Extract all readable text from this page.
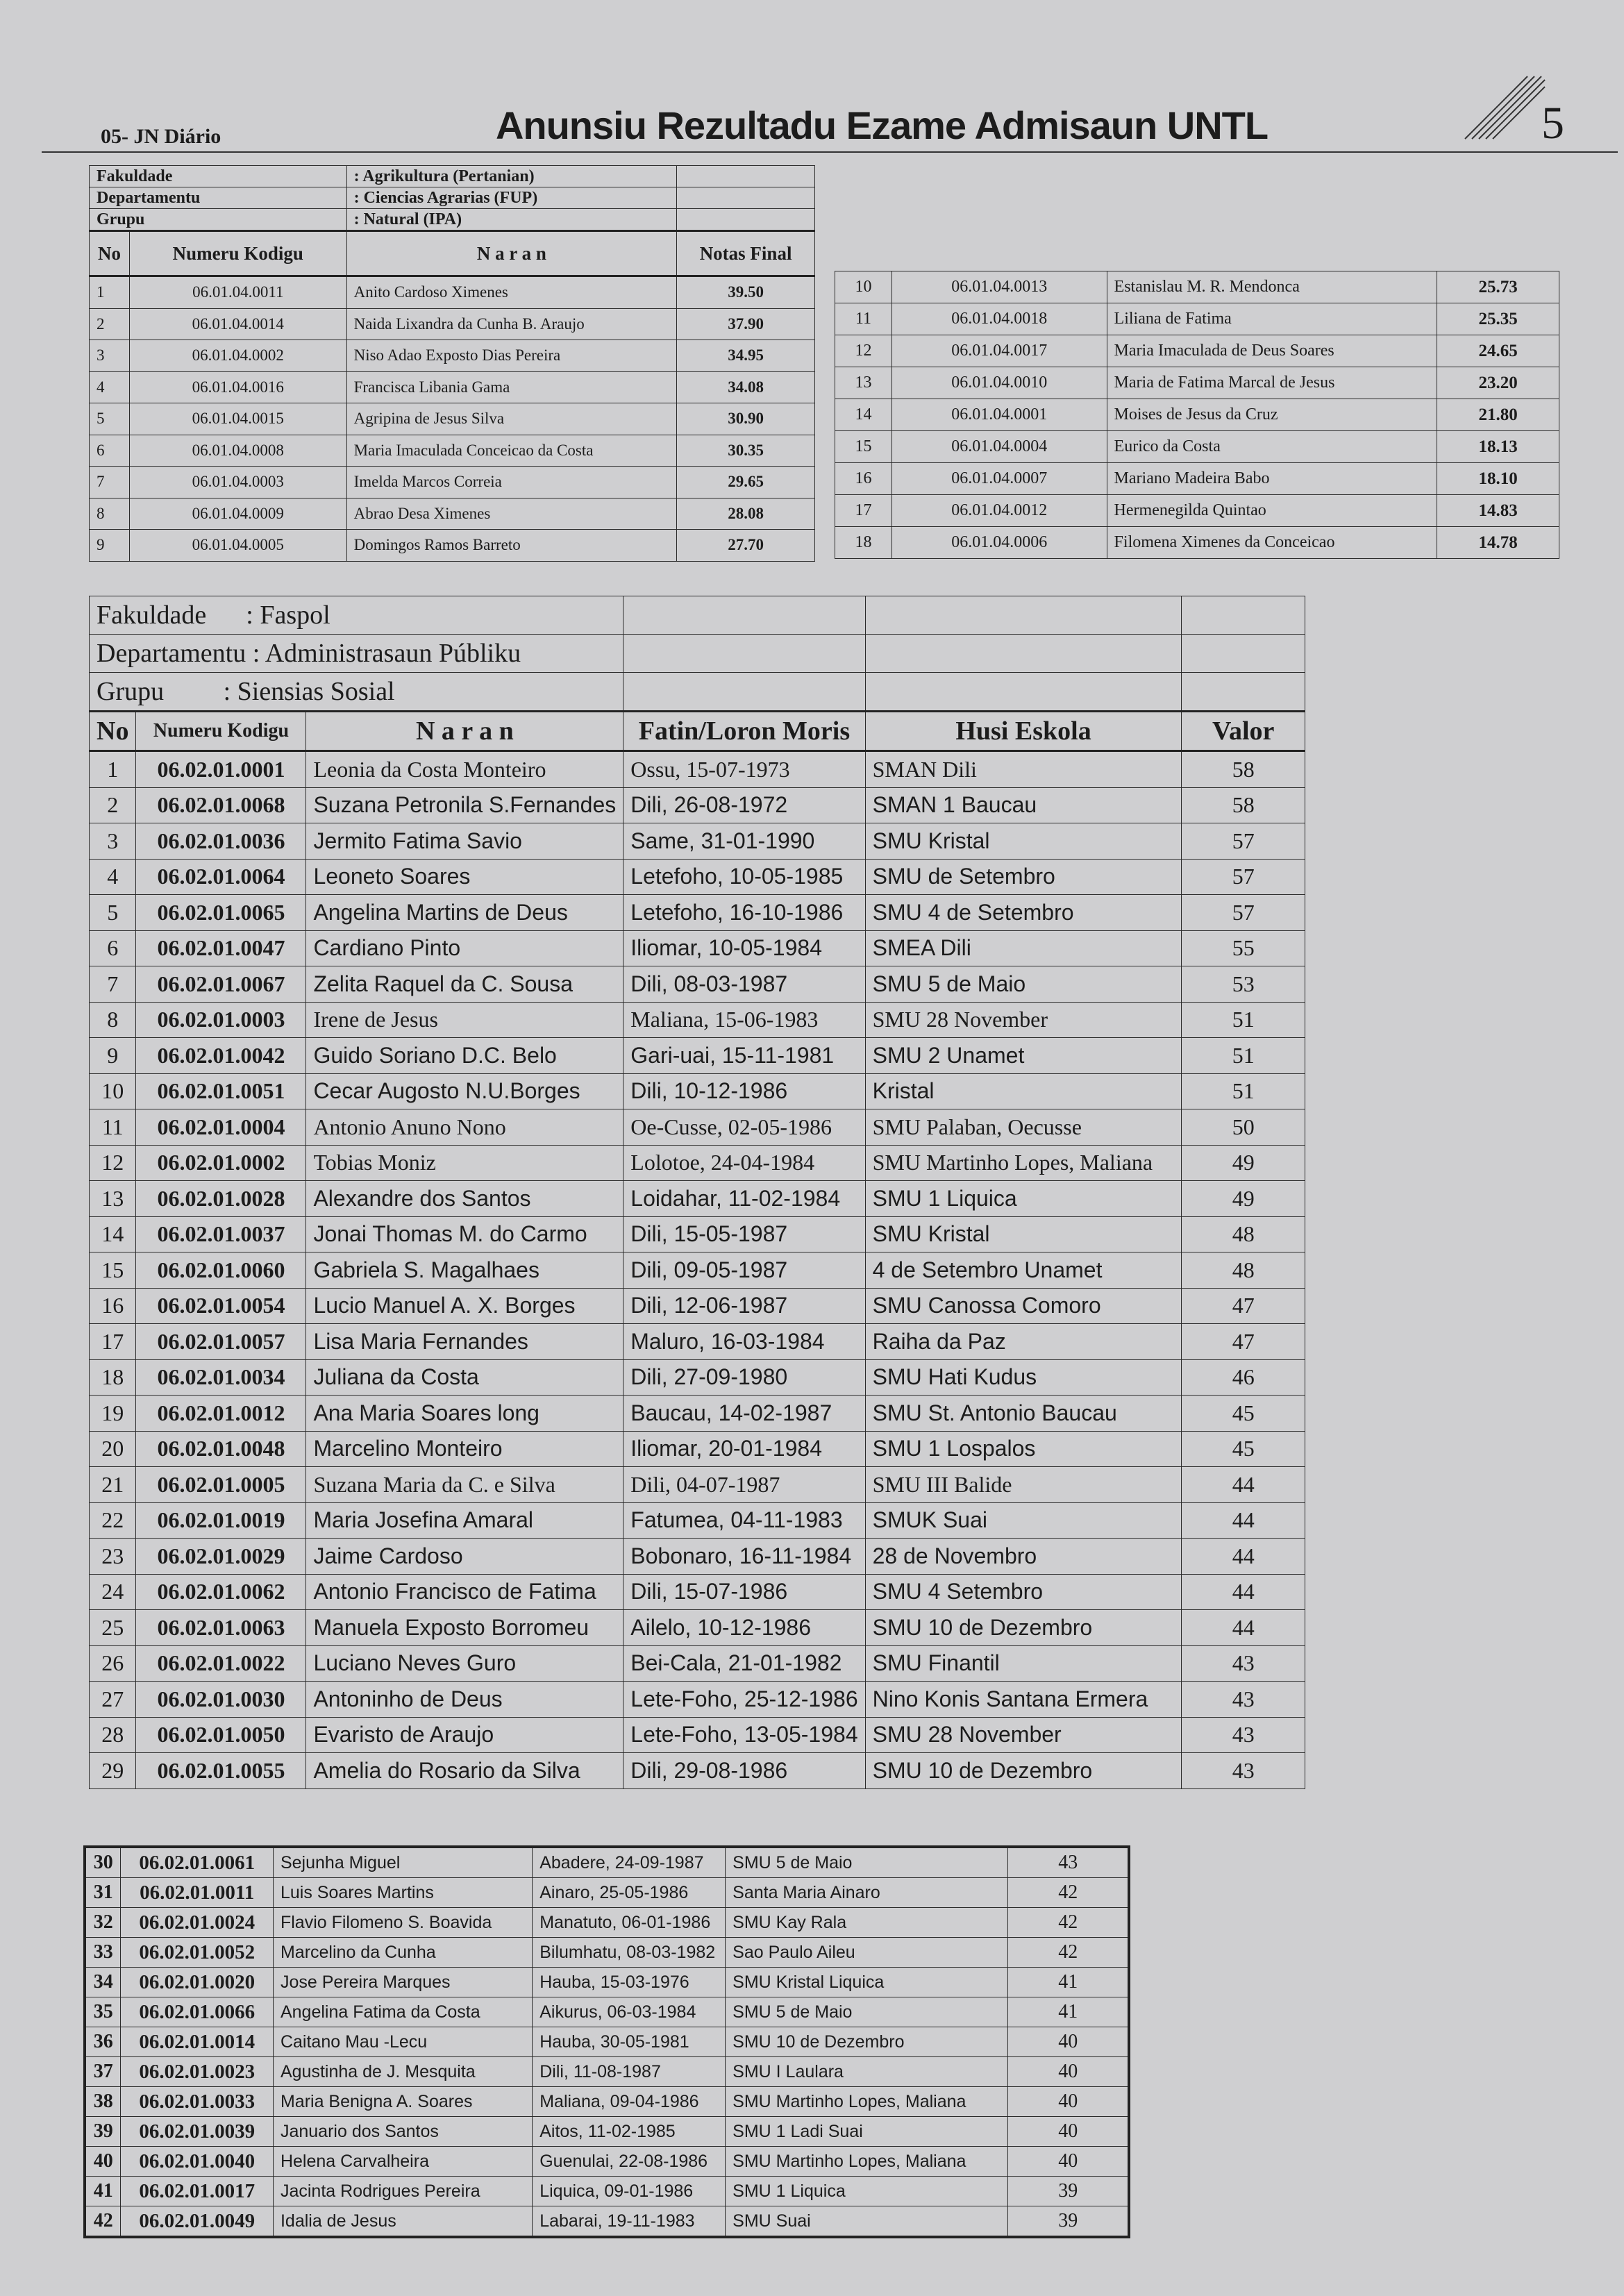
05- JN Diário	Anunsiu Rezultadu Ezame Admisaun UNTL	5
Fakuldade		: Agrikultura (Pertanian)	
Departamentu		: Ciencias Agrarias (FUP)	
Grupu		: Natural (IPA)	
No	Numeru Kodigu	N a r a n	Notas Final
1	06.01.04.0011	Anito Cardoso Ximenes	39.50
2	06.01.04.0014	Naida Lixandra da Cunha B. Araujo	37.90
3	06.01.04.0002	Niso Adao Exposto Dias Pereira	34.95
4	06.01.04.0016	Francisca Libania Gama	34.08
5	06.01.04.0015	Agripina de Jesus Silva	30.90
6	06.01.04.0008	Maria Imaculada Conceicao da Costa	30.35
7	06.01.04.0003	Imelda Marcos Correia	29.65
8	06.01.04.0009	Abrao Desa Ximenes	28.08
9	06.01.04.0005	Domingos Ramos Barreto	27.70
10	06.01.04.0013	Estanislau M. R. Mendonca	25.73
11	06.01.04.0018	Liliana de Fatima	25.35
12	06.01.04.0017	Maria Imaculada de Deus Soares	24.65
13	06.01.04.0010	Maria de Fatima Marcal de Jesus	23.20
14	06.01.04.0001	Moises de Jesus da Cruz	21.80
15	06.01.04.0004	Eurico da Costa	18.13
16	06.01.04.0007	Mariano Madeira Babo	18.10
17	06.01.04.0012	Hermenegilda Quintao	14.83
18	06.01.04.0006	Filomena Ximenes da Conceicao	14.78
Fakuldade      : Faspol					
Departamentu : Administrasaun Públiku					
Grupu         : Siensias Sosial					
No	Numeru Kodigu	N a r a n	Fatin/Loron Moris	Husi Eskola	Valor
1	06.02.01.0001	Leonia da Costa Monteiro	Ossu, 15-07-1973	SMAN Dili	58
2	06.02.01.0068	Suzana Petronila S.Fernandes	Dili, 26-08-1972	SMAN 1 Baucau	58
3	06.02.01.0036	Jermito Fatima Savio	Same, 31-01-1990	SMU Kristal	57
4	06.02.01.0064	Leoneto Soares	Letefoho, 10-05-1985	SMU de Setembro	57
5	06.02.01.0065	Angelina Martins de Deus	Letefoho, 16-10-1986	SMU 4 de Setembro	57
6	06.02.01.0047	Cardiano Pinto	Iliomar, 10-05-1984	SMEA Dili	55
7	06.02.01.0067	Zelita Raquel da C. Sousa	Dili, 08-03-1987	SMU 5 de Maio	53
8	06.02.01.0003	Irene de Jesus	Maliana, 15-06-1983	SMU 28 November	51
9	06.02.01.0042	Guido Soriano D.C. Belo	Gari-uai, 15-11-1981	SMU 2 Unamet	51
10	06.02.01.0051	Cecar Augosto N.U.Borges	Dili, 10-12-1986	Kristal	51
11	06.02.01.0004	Antonio Anuno Nono	Oe-Cusse, 02-05-1986	SMU Palaban, Oecusse	50
12	06.02.01.0002	Tobias Moniz	Lolotoe, 24-04-1984	SMU Martinho Lopes, Maliana	49
13	06.02.01.0028	Alexandre dos Santos	Loidahar, 11-02-1984	SMU 1 Liquica	49
14	06.02.01.0037	Jonai Thomas M. do Carmo	Dili, 15-05-1987	SMU Kristal	48
15	06.02.01.0060	Gabriela S. Magalhaes	Dili, 09-05-1987	4 de Setembro Unamet	48
16	06.02.01.0054	Lucio Manuel A. X. Borges	Dili, 12-06-1987	SMU Canossa Comoro	47
17	06.02.01.0057	Lisa Maria Fernandes	Maluro, 16-03-1984	Raiha da Paz	47
18	06.02.01.0034	Juliana da Costa	Dili, 27-09-1980	SMU Hati Kudus	46
19	06.02.01.0012	Ana Maria Soares long	Baucau, 14-02-1987	SMU St. Antonio Baucau	45
20	06.02.01.0048	Marcelino Monteiro	Iliomar, 20-01-1984	SMU 1 Lospalos	45
21	06.02.01.0005	Suzana Maria da C. e Silva	Dili, 04-07-1987	SMU III Balide	44
22	06.02.01.0019	Maria Josefina Amaral	Fatumea, 04-11-1983	SMUK Suai	44
23	06.02.01.0029	Jaime Cardoso	Bobonaro, 16-11-1984	28 de Novembro	44
24	06.02.01.0062	Antonio Francisco de Fatima	Dili, 15-07-1986	SMU 4 Setembro	44
25	06.02.01.0063	Manuela Exposto Borromeu	Ailelo, 10-12-1986	SMU 10 de Dezembro	44
26	06.02.01.0022	Luciano Neves Guro	Bei-Cala, 21-01-1982	SMU Finantil	43
27	06.02.01.0030	Antoninho de Deus	Lete-Foho, 25-12-1986	Nino Konis Santana Ermera	43
28	06.02.01.0050	Evaristo de Araujo	Lete-Foho, 13-05-1984	SMU 28 November	43
29	06.02.01.0055	Amelia do Rosario da Silva	Dili, 29-08-1986	SMU 10 de Dezembro	43
30	06.02.01.0061	Sejunha Miguel	Abadere, 24-09-1987	SMU 5 de Maio	43
31	06.02.01.0011	Luis Soares Martins	Ainaro, 25-05-1986	Santa Maria Ainaro	42
32	06.02.01.0024	Flavio Filomeno S. Boavida	Manatuto, 06-01-1986	SMU Kay Rala	42
33	06.02.01.0052	Marcelino da Cunha	Bilumhatu, 08-03-1982	Sao Paulo Aileu	42
34	06.02.01.0020	Jose Pereira Marques	Hauba, 15-03-1976	SMU Kristal Liquica	41
35	06.02.01.0066	Angelina Fatima da Costa	Aikurus, 06-03-1984	SMU 5 de Maio	41
36	06.02.01.0014	Caitano Mau -Lecu	Hauba, 30-05-1981	SMU 10 de Dezembro	40
37	06.02.01.0023	Agustinha de J. Mesquita	Dili, 11-08-1987	SMU I Laulara	40
38	06.02.01.0033	Maria Benigna A. Soares	Maliana, 09-04-1986	SMU Martinho Lopes, Maliana	40
39	06.02.01.0039	Januario dos Santos	Aitos, 11-02-1985	SMU 1 Ladi Suai	40
40	06.02.01.0040	Helena Carvalheira	Guenulai, 22-08-1986	SMU Martinho Lopes, Maliana	40
41	06.02.01.0017	Jacinta Rodrigues Pereira	Liquica, 09-01-1986	SMU 1 Liquica	39
42	06.02.01.0049	Idalia de Jesus	Labarai, 19-11-1983	SMU Suai	39
